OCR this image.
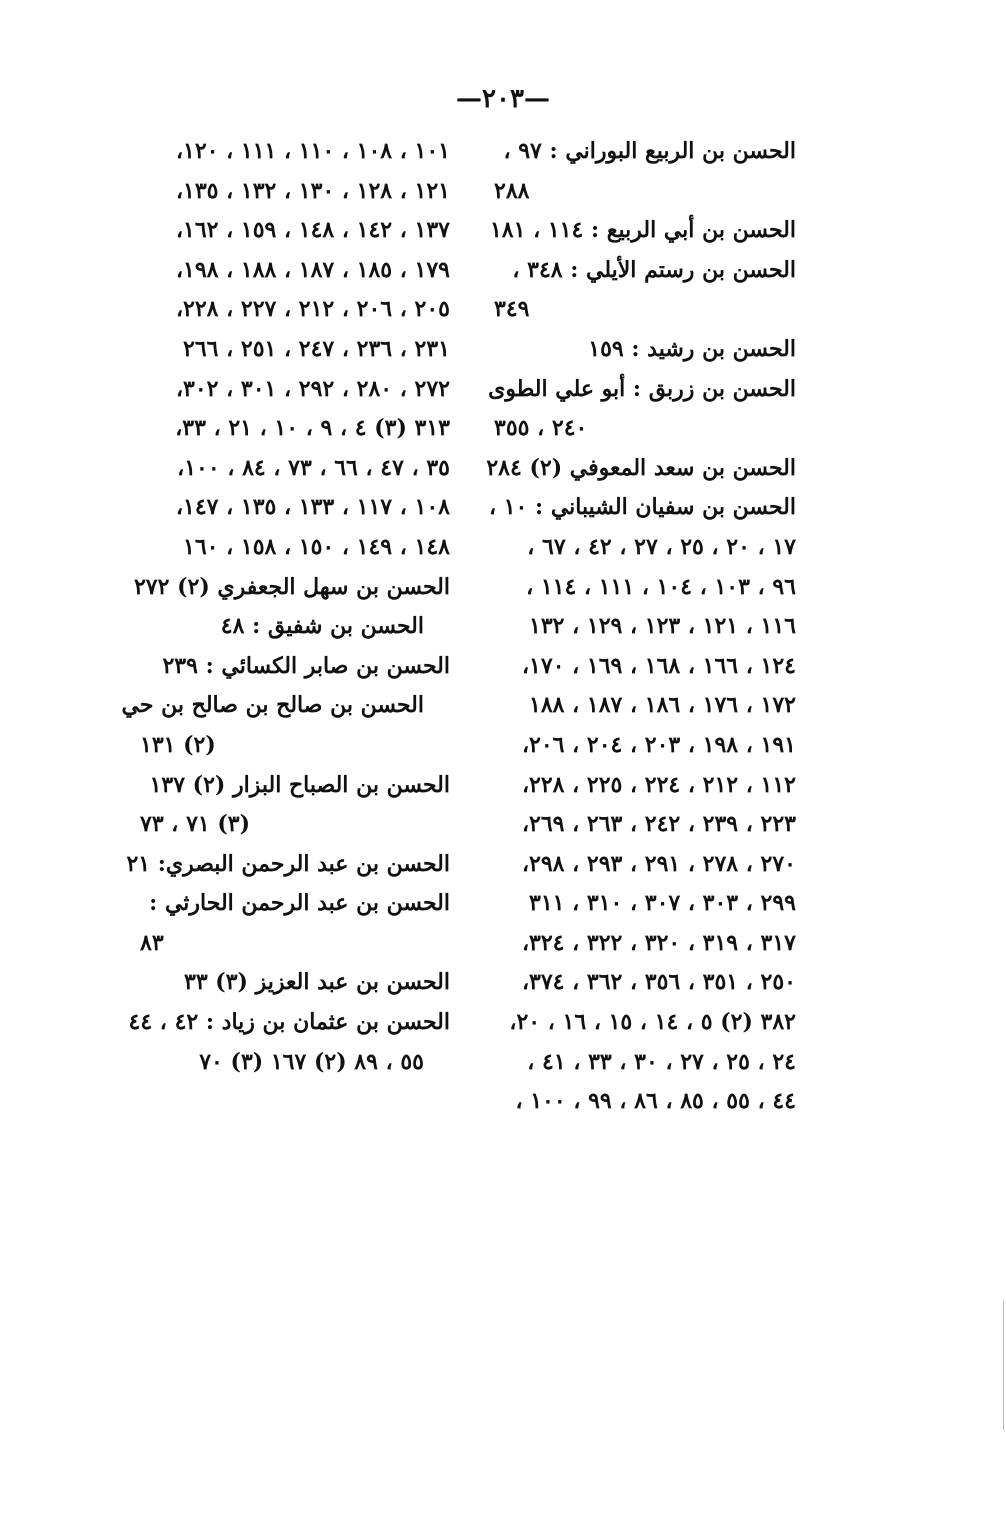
—٢٠٣—
الحسن بن الربيع البوراني : ٩٧ ،
٢٨٨
الحسن بن أبي الربيع : ١١٤ ، ١٨١
الحسن بن رستم الأيلي : ٣٤٨ ،
٣٤٩
الحسن بن رشيد : ١٥٩
الحسن بن زربق : أبو علي الطوى
٢٤٠ ، ٣٥٥
الحسن بن سعد المعوفي (٢) ٢٨٤
الحسن بن سفيان الشيباني : ١٠ ،
١٧ ، ٢٠ ، ٢٥ ، ٢٧ ، ٤٢ ، ٦٧ ،
٩٦ ، ١٠٣ ، ١٠٤ ، ١١١ ، ١١٤ ،
١١٦ ، ١٢١ ، ١٢٣ ، ١٢٩ ، ١٣٢
١٢٤ ، ١٦٦ ، ١٦٨ ، ١٦٩ ، ١٧٠،
١٧٢ ، ١٧٦ ، ١٨٦ ، ١٨٧ ، ١٨٨
١٩١ ، ١٩٨ ، ٢٠٣ ، ٢٠٤ ، ٢٠٦،
١١٢ ، ٢١٢ ، ٢٢٤ ، ٢٢٥ ، ٢٢٨،
٢٢٣ ، ٢٣٩ ، ٢٤٢ ، ٢٦٣ ، ٢٦٩،
٢٧٠ ، ٢٧٨ ، ٢٩١ ، ٢٩٣ ، ٢٩٨،
٢٩٩ ، ٣٠٣ ، ٣٠٧ ، ٣١٠ ، ٣١١
٣١٧ ، ٣١٩ ، ٣٢٠ ، ٣٢٢ ، ٣٢٤،
٢٥٠ ، ٣٥١ ، ٣٥٦ ، ٣٦٢ ، ٣٧٤،
٣٨٢ (٢) ٥ ، ١٤ ، ١٥ ، ١٦ ، ٢٠،
٢٤ ، ٢٥ ، ٢٧ ، ٣٠ ، ٣٣ ، ٤١ ،
٤٤ ، ٥٥ ، ٨٥ ، ٨٦ ، ٩٩ ، ١٠٠ ،
١٠١ ، ١٠٨ ، ١١٠ ، ١١١ ، ١٢٠،
١٢١ ، ١٢٨ ، ١٣٠ ، ١٣٢ ، ١٣٥،
١٣٧ ، ١٤٢ ، ١٤٨ ، ١٥٩ ، ١٦٢،
١٧٩ ، ١٨٥ ، ١٨٧ ، ١٨٨ ، ١٩٨،
٢٠٥ ، ٢٠٦ ، ٢١٢ ، ٢٢٧ ، ٢٢٨،
٢٣١ ، ٢٣٦ ، ٢٤٧ ، ٢٥١ ، ٢٦٦
٢٧٢ ، ٢٨٠ ، ٢٩٢ ، ٣٠١ ، ٣٠٢،
٣١٣ (٣) ٤ ، ٩ ، ١٠ ، ٢١ ، ٣٣،
٣٥ ، ٤٧ ، ٦٦ ، ٧٣ ، ٨٤ ، ١٠٠،
١٠٨ ، ١١٧ ، ١٣٣ ، ١٣٥ ، ١٤٧،
١٤٨ ، ١٤٩ ، ١٥٠ ، ١٥٨ ، ١٦٠
الحسن بن سهل الجعفري (٢) ٢٧٢
الحسن بن شفيق : ٤٨
الحسن بن صابر الكسائي : ٢٣٩
الحسن بن صالح بن صالح بن حي
(٢) ١٣١
الحسن بن الصباح البزار (٢) ١٣٧
(٣) ٧١ ، ٧٣
الحسن بن عبد الرحمن البصري: ٢١
الحسن بن عبد الرحمن الحارثي :
٨٣
الحسن بن عبد العزيز (٣) ٣٣
الحسن بن عثمان بن زياد : ٤٢ ، ٤٤
٥٥ ، ٨٩ (٢) ١٦٧ (٣) ٧٠
